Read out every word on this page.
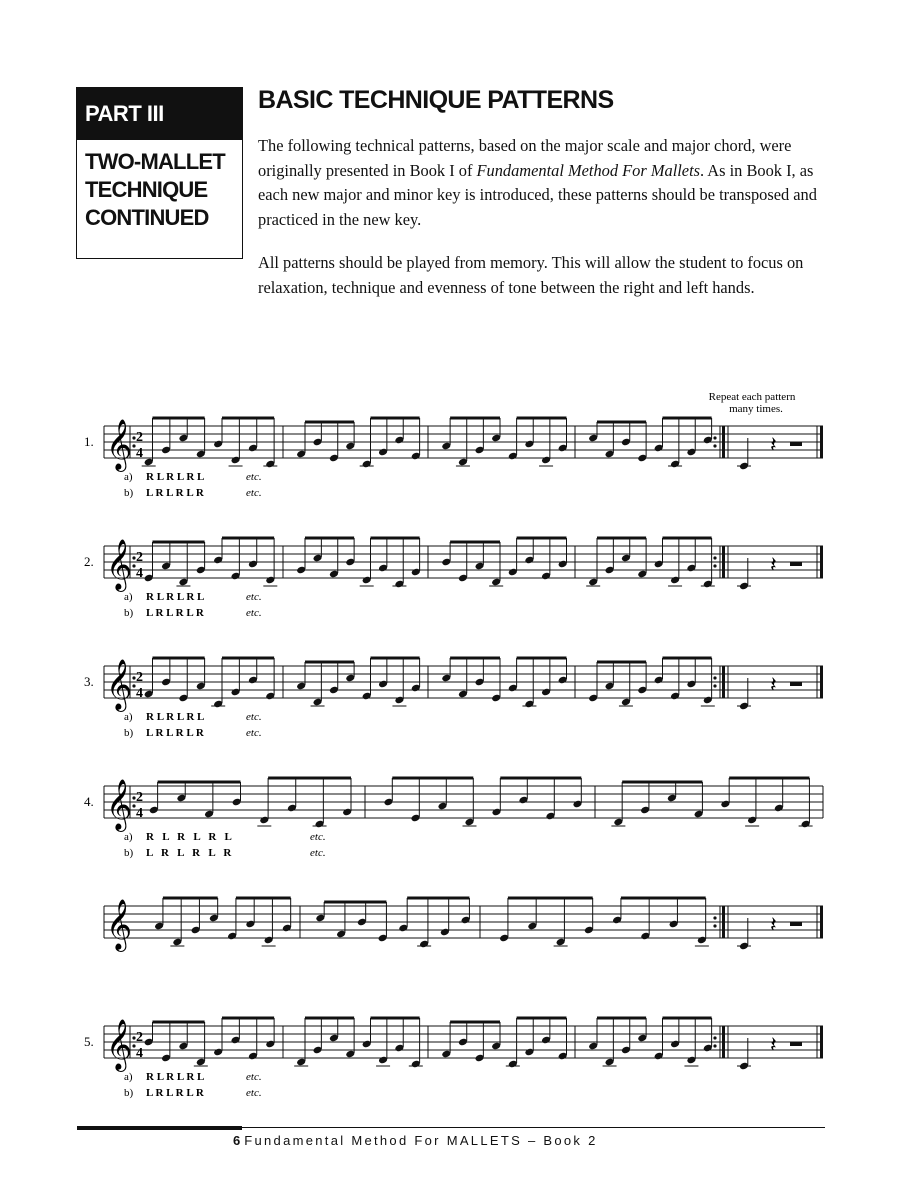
PART III
TWO-MALLET
TECHNIQUE
CONTINUED
BASIC TECHNIQUE PATTERNS
The following technical patterns, based on the major scale and major chord, were originally presented in Book I of Fundamental Method For Mallets. As in Book I, as each new major and minor key is introduced, these patterns should be transposed and practiced in the new key.
All patterns should be played from memory. This will allow the student to focus on relaxation, technique and evenness of tone between the right and left hands.
Repeat each pattern
many times.
𝄞 2
4	𝄽
1.
a) R L R L R L	etc.
b) L R L R L R	etc.
𝄞 2
4	𝄽
2.
a) R L R L R L	etc.
b) L R L R L R	etc.
𝄞 2
4	𝄽
3.
a) R L R L R L	etc.
b) L R L R L R	etc.
𝄞 2
4
4.
a) R   L   R   L   R   L	etc.
b) L   R   L   R   L   R	etc.
𝄞	𝄽
𝄞 2
4	𝄽
5.
a) R L R L R L	etc.
b) L R L R L R	etc.
6 Fundamental Method For MALLETS – Book 2
